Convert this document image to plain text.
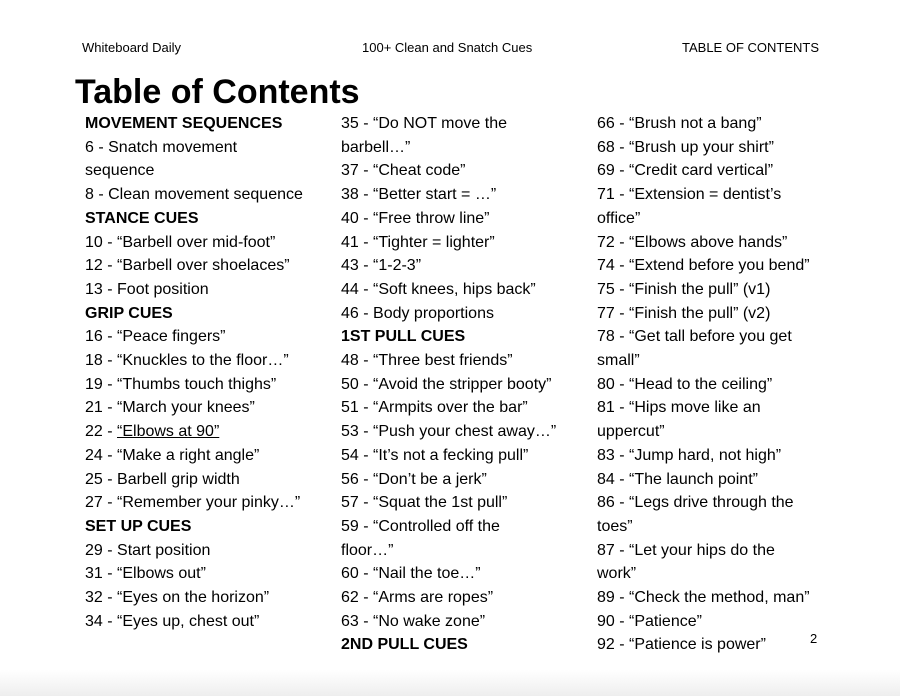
Whiteboard Daily	100+ Clean and Snatch Cues	TABLE OF CONTENTS
Table of Contents
MOVEMENT SEQUENCES
6 - Snatch movement
sequence
8 - Clean movement sequence
STANCE CUES
10 - “Barbell over mid-foot”
12 - “Barbell over shoelaces”
13 - Foot position
GRIP CUES
16 - “Peace fingers”
18 - “Knuckles to the floor…”
19 - “Thumbs touch thighs”
21 - “March your knees”
22 - “Elbows at 90”
24 - “Make a right angle”
25 - Barbell grip width
27 - “Remember your pinky…”
SET UP CUES
29 - Start position
31 - “Elbows out”
32 - “Eyes on the horizon”
34 - “Eyes up, chest out”
35 - “Do NOT move the
barbell…”
37 - “Cheat code”
38 - “Better start = …”
40 - “Free throw line”
41 - “Tighter = lighter”
43 - “1-2-3”
44 - “Soft knees, hips back”
46 - Body proportions
1ST PULL CUES
48 - “Three best friends”
50 - “Avoid the stripper booty”
51 - “Armpits over the bar”
53 - “Push your chest away…”
54 - “It’s not a fecking pull”
56 - “Don’t be a jerk”
57 - “Squat the 1st pull”
59 - “Controlled off the
floor…”
60 - “Nail the toe…”
62 - “Arms are ropes”
63 - “No wake zone”
2ND PULL CUES
66 - “Brush not a bang”
68 - “Brush up your shirt”
69 - “Credit card vertical”
71 - “Extension = dentist’s
office”
72 - “Elbows above hands”
74 - “Extend before you bend”
75 - “Finish the pull” (v1)
77 - “Finish the pull” (v2)
78 - “Get tall before you get
small”
80 - “Head to the ceiling”
81 - “Hips move like an
uppercut”
83 - “Jump hard, not high”
84 - “The launch point”
86 - “Legs drive through the
toes”
87 - “Let your hips do the
work”
89 - “Check the method, man”
90 - “Patience”
92 - “Patience is power”	2
